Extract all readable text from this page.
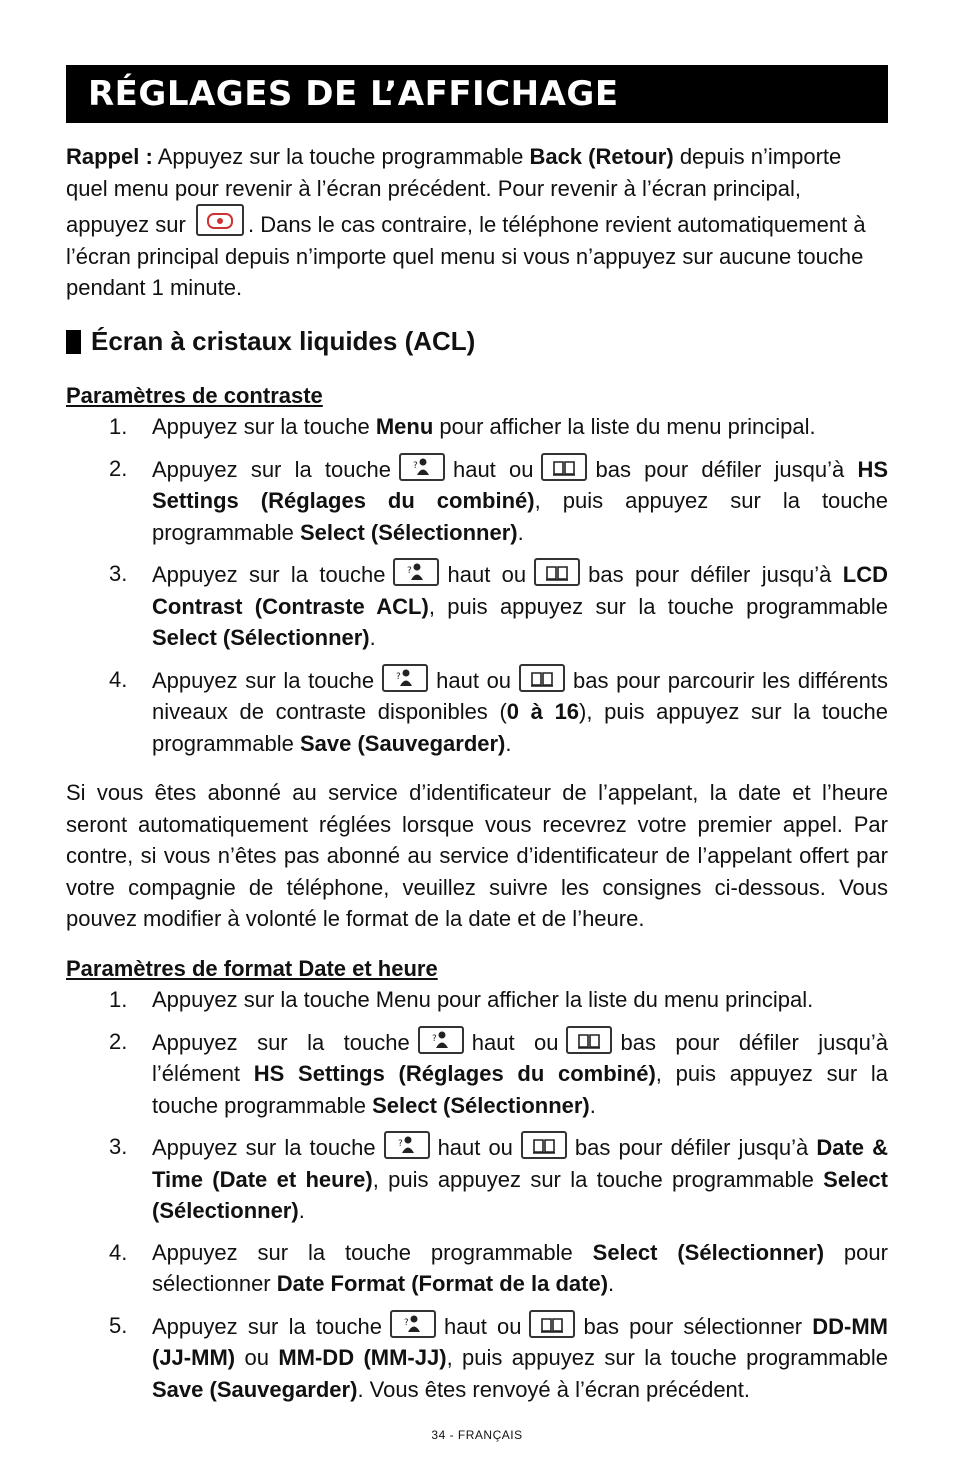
RÉGLAGES DE L’AFFICHAGE

Rappel : Appuyez sur la touche programmable Back (Retour) depuis n’importe quel menu pour revenir à l’écran précédent. Pour revenir à l’écran principal, appuyez sur	. Dans le cas contraire, le téléphone revient automatiquement à l’écran principal depuis n’importe quel menu si vous n’appuyez sur aucune touche pendant 1 minute.

Écran à cristaux liquides (ACL)
Paramètres de contraste
1. Appuyez sur la touche Menu pour afficher la liste du menu principal.
2. Appuyez sur la touche ? haut ou	bas pour défiler jusqu’à HS Settings (Réglages du combiné), puis appuyez sur la touche programmable Select (Sélectionner).
3. Appuyez sur la touche ? haut ou	bas pour défiler jusqu’à LCD Contrast (Contraste ACL), puis appuyez sur la touche programmable Select (Sélectionner).
4. Appuyez sur la touche ? haut ou	bas pour parcourir les différents niveaux de contraste disponibles (0 à 16), puis appuyez sur la touche programmable Save (Sauvegarder).

Si vous êtes abonné au service d’identificateur de l’appelant, la date et l’heure seront automatiquement réglées lorsque vous recevrez votre premier appel. Par contre, si vous n’êtes pas abonné au service d’identificateur de l’appelant offert par votre compagnie de téléphone, veuillez suivre les consignes ci-dessous. Vous pouvez modifier à volonté le format de la date et de l’heure.

Paramètres de format Date et heure
1. Appuyez sur la touche Menu pour afficher la liste du menu principal.
2. Appuyez sur la touche ? haut ou	bas pour défiler jusqu’à l’élément HS Settings (Réglages du combiné), puis appuyez sur la touche programmable Select (Sélectionner).
3. Appuyez sur la touche ? haut ou	bas pour défiler jusqu’à Date & Time (Date et heure), puis appuyez sur la touche programmable Select (Sélectionner).
4. Appuyez sur la touche programmable Select (Sélectionner) pour sélectionner Date Format (Format de la date).
5. Appuyez sur la touche ? haut ou	bas pour sélectionner DD-MM (JJ-MM) ou MM-DD (MM-JJ), puis appuyez sur la touche programmable Save (Sauvegarder). Vous êtes renvoyé à l’écran précédent.
34 - FRANÇAIS
